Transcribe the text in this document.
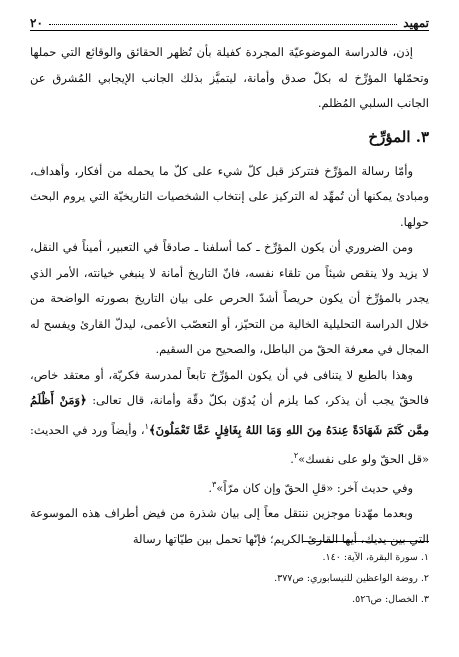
تمهيد
٢٠

إذن، فالدراسة الموضوعيّة المجردة كفيلة بأن تُظهر الحقائق والوقائع التي حملها وتحمّلها المؤرِّخ له بكلّ صدق وأمانة، ليتميَّز بذلك الجانب الإيجابي المُشرق عن الجانب السلبي المُظلم.

٣. المؤرِّخ

وأمّا رسالة المؤرِّخ فتتركز قبل كلّ شيء على كلّ ما يحمله من أفكار، وأهداف، ومبادئ يمكنها أن تُمهِّد له التركيز على إنتخاب الشخصيات التاريخيّة التي يروم البحث حولها.

ومن الضروري أن يكون المؤرِّخ ـ كما أسلفنا ـ صادقاً في التعبير، أميناً في النقل، لا يزيد ولا ينقص شيئاً من تلقاء نفسه، فانّ التاريخ أمانة لا ينبغي خيانته، الأمر الذي يجدر بالمؤرِّخ أن يكون حريصاً أشدّ الحرص على بيان التاريخ بصورته الواضحة من خلال الدراسة التحليلية الخالية من التحيّز، أو التعصّب الأعمى، ليدلّ القارئ ويفسح له المجال في معرفة الحقّ من الباطل، والصحيح من السقيم.

وهذا بالطبع لا يتنافى في أن يكون المؤرِّخ تابعاً لمدرسة فكريّة، أو معتقد خاص، فالحقّ يجب أن يذكر، كما يلزم أن يُدوّن بكلّ دقّة وأمانة، قال تعالى: ﴿وَمَنْ أَظْلَمُ مِمَّن كَتَمَ شَهَادَةً عِندَهُ مِنَ اللهِ وَمَا اللهُ بِغَافِلٍ عَمَّا تَعْمَلُونَ﴾$^١$، وأيضاً ورد في الحديث: «قل الحقّ ولو على نفسك»$^٢$.

وفي حديث آخر: «قلِ الحقّ وإن كان مرّاً»$^٣$.

وبعدما مهّدنا موجزين ننتقل معاً إلى بيان شذرة من فيض أطراف هذه الموسوعة التي بين يديك، أيها القارئ الكريم؛ فإنّها تحمل بين طيّاتها رسالة

١. سورة البقرة، الآية: ١٤٠.
٢. روضة الواعظين للنيسابوري: ص٣٧٧.
٣. الخصال: ص٥٢٦.
